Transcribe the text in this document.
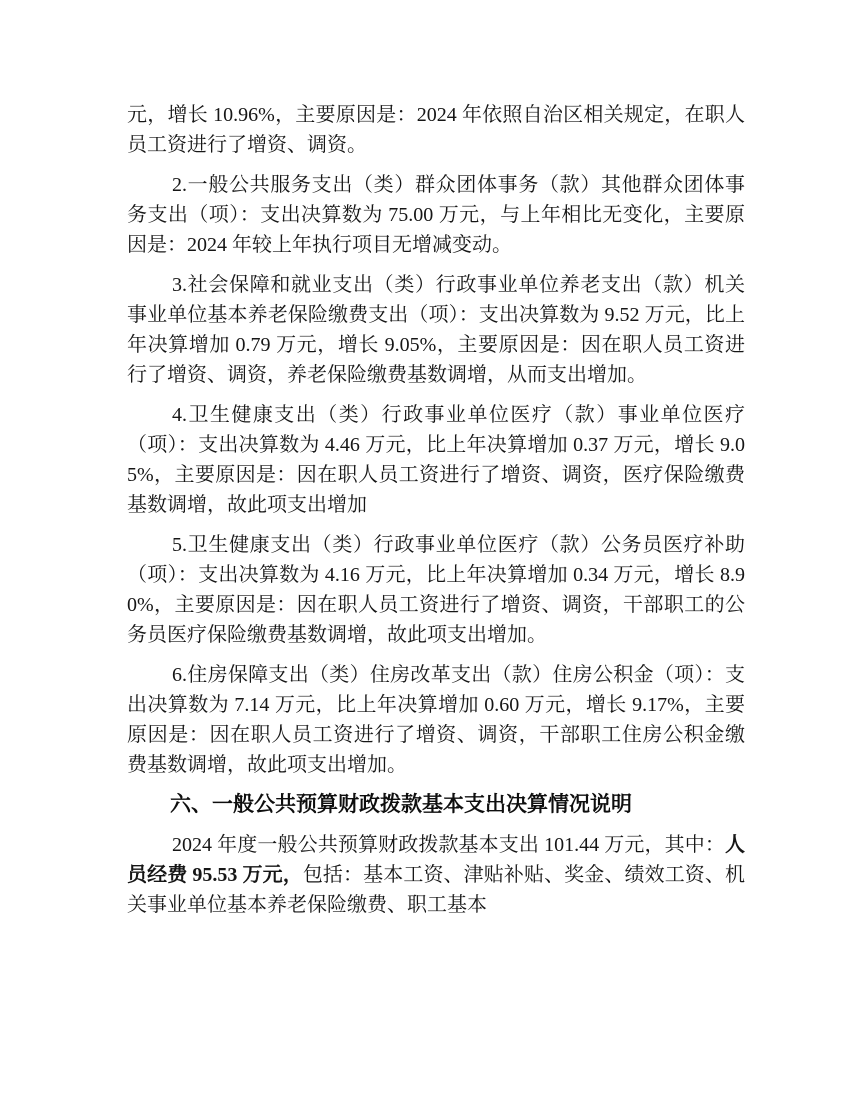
元，增长 10.96%，主要原因是：2024 年依照自治区相关规定，在职人员工资进行了增资、调资。

2.一般公共服务支出（类）群众团体事务（款）其他群众团体事务支出（项）：支出决算数为 75.00 万元，与上年相比无变化，主要原因是：2024 年较上年执行项目无增减变动。

3.社会保障和就业支出（类）行政事业单位养老支出（款）机关事业单位基本养老保险缴费支出（项）：支出决算数为 9.52 万元，比上年决算增加 0.79 万元，增长 9.05%，主要原因是：因在职人员工资进行了增资、调资，养老保险缴费基数调增，从而支出增加。

4.卫生健康支出（类）行政事业单位医疗（款）事业单位医疗（项）：支出决算数为 4.46 万元，比上年决算增加 0.37 万元，增长 9.05%，主要原因是：因在职人员工资进行了增资、调资，医疗保险缴费基数调增，故此项支出增加

5.卫生健康支出（类）行政事业单位医疗（款）公务员医疗补助（项）：支出决算数为 4.16 万元，比上年决算增加 0.34 万元，增长 8.90%，主要原因是：因在职人员工资进行了增资、调资，干部职工的公务员医疗保险缴费基数调增，故此项支出增加。

6.住房保障支出（类）住房改革支出（款）住房公积金（项）：支出决算数为 7.14 万元，比上年决算增加 0.60 万元，增长 9.17%，主要原因是：因在职人员工资进行了增资、调资，干部职工住房公积金缴费基数调增，故此项支出增加。

六、一般公共预算财政拨款基本支出决算情况说明

2024 年度一般公共预算财政拨款基本支出 101.44 万元，其中：人员经费 95.53 万元，包括：基本工资、津贴补贴、奖金、绩效工资、机关事业单位基本养老保险缴费、职工基本
